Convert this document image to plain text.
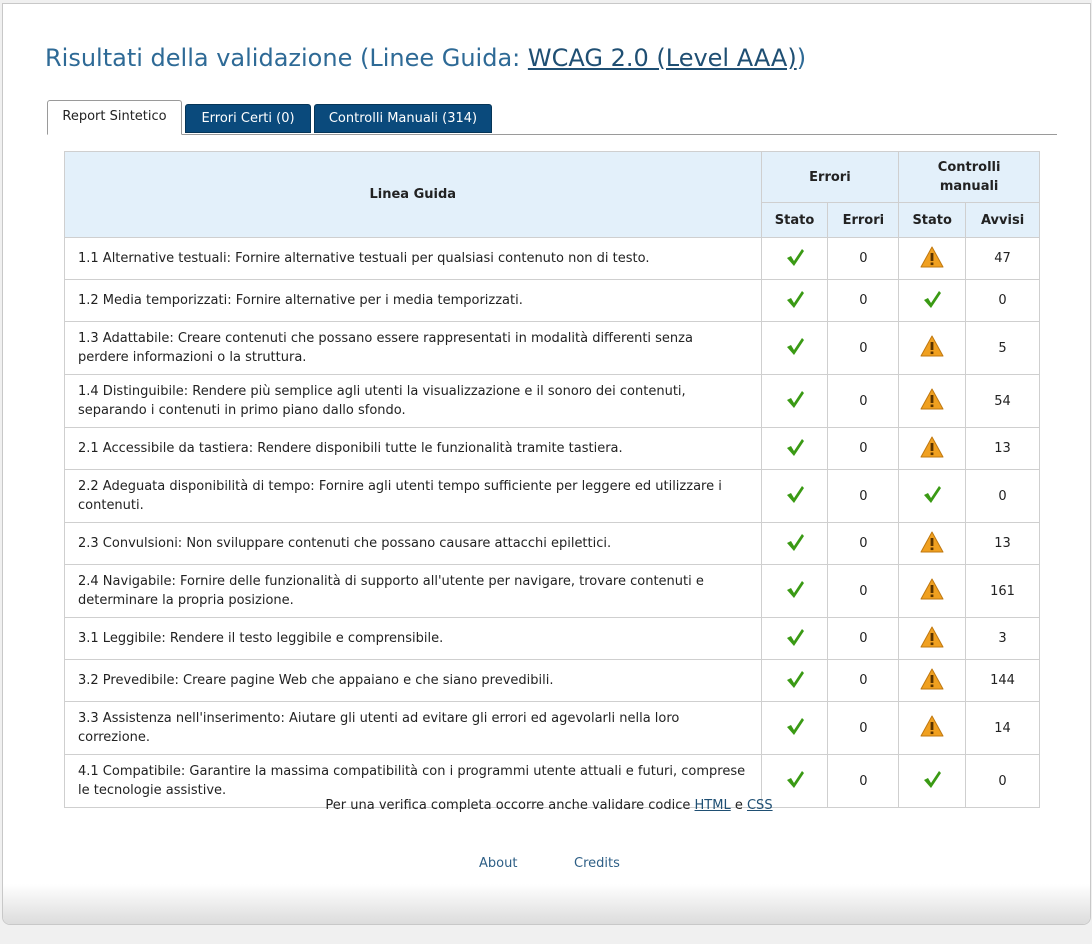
Risultati della validazione (Linee Guida: WCAG 2.0 (Level AAA))
Report Sintetico	Errori Certi (0)	Controlli Manuali (314)
Linea Guida	Errori		Controlli manuali	

	Stato	Errori	Stato	Avvisi
1.1 Alternative testuali: Fornire alternative testuali per qualsiasi contenuto non di testo.		0		47
1.2 Media temporizzati: Fornire alternative per i media temporizzati.		0		0
1.3 Adattabile: Creare contenuti che possano essere rappresentati in modalità differenti senza perdere informazioni o la struttura.		0		5
1.4 Distinguibile: Rendere più semplice agli utenti la visualizzazione e il sonoro dei contenuti, separando i contenuti in primo piano dallo sfondo.		0		54
2.1 Accessibile da tastiera: Rendere disponibili tutte le funzionalità tramite tastiera.		0		13
2.2 Adeguata disponibilità di tempo: Fornire agli utenti tempo sufficiente per leggere ed utilizzare i contenuti.		0		0
2.3 Convulsioni: Non sviluppare contenuti che possano causare attacchi epilettici.		0		13
2.4 Navigabile: Fornire delle funzionalità di supporto all'utente per navigare, trovare contenuti e determinare la propria posizione.		0		161
3.1 Leggibile: Rendere il testo leggibile e comprensibile.		0		3
3.2 Prevedibile: Creare pagine Web che appaiano e che siano prevedibili.		0		144
3.3 Assistenza nell'inserimento: Aiutare gli utenti ad evitare gli errori ed agevolarli nella loro correzione.		0		14
4.1 Compatibile: Garantire la massima compatibilità con i programmi utente attuali e futuri, comprese le tecnologie assistive.		0		0
Per una verifica completa occorre anche validare codice HTML e CSS
About	Credits
